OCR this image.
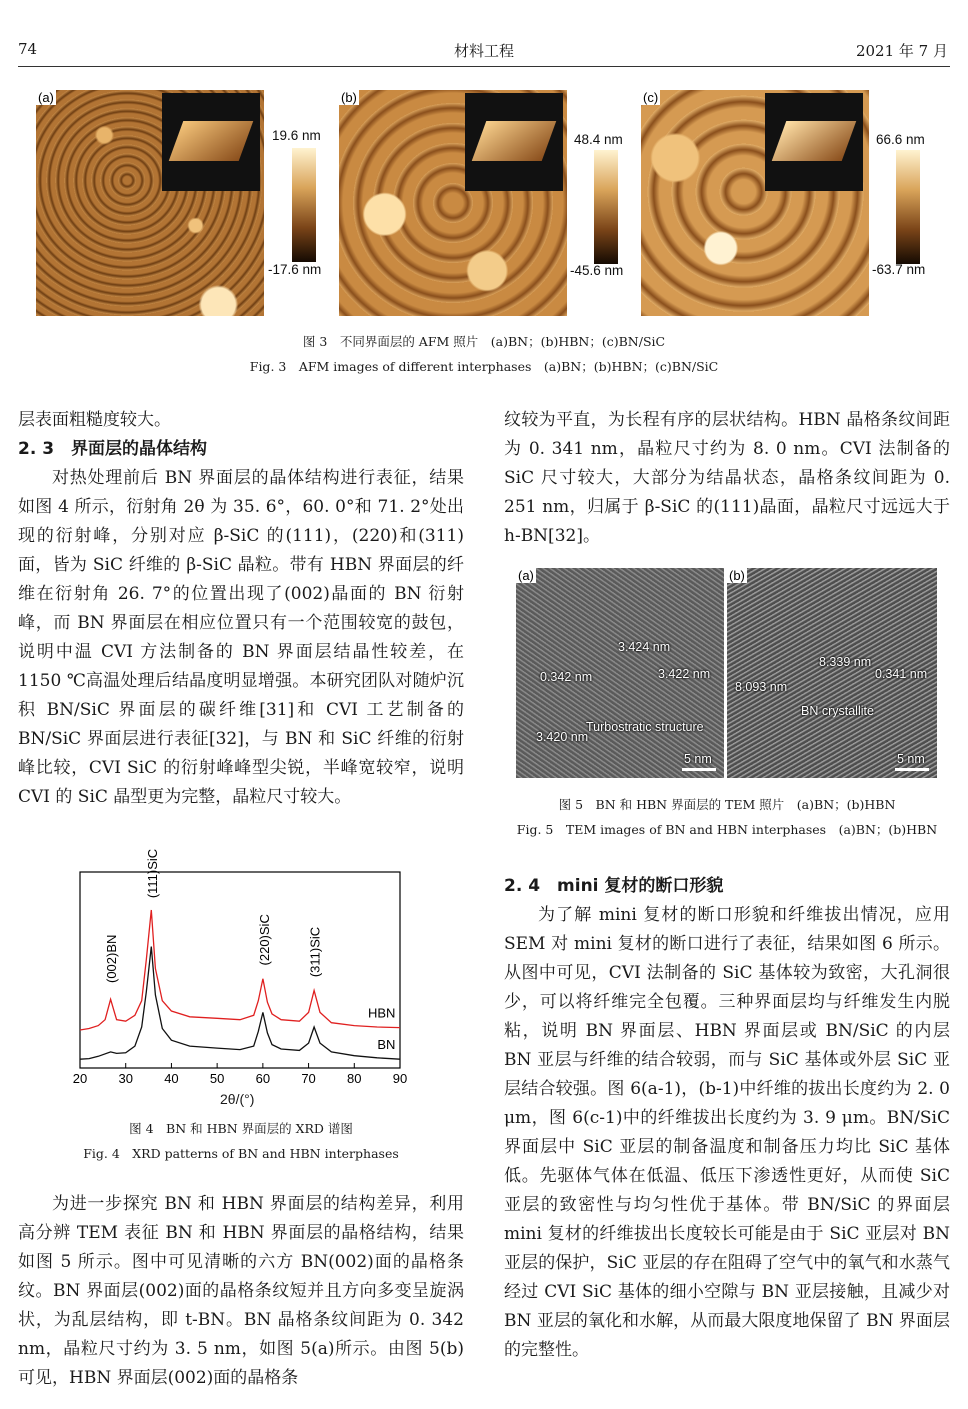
74	材料工程	2021 年 7 月
(a)
19.6 nm
-17.6 nm
(b)
48.4 nm
-45.6 nm
(c)
66.6 nm
-63.7 nm
图 3　不同界面层的 AFM 照片　(a)BN；(b)HBN；(c)BN/SiC
Fig. 3　AFM images of different interphases　(a)BN；(b)HBN；(c)BN/SiC

层表面粗糙度较大。

2. 3　界面层的晶体结构

对热处理前后 BN 界面层的晶体结构进行表征，结果如图 4 所示，衍射角 2θ 为 35. 6°，60. 0°和 71. 2°处出现的衍射峰，分别对应 β-SiC 的(111)，(220)和(311)面，皆为 SiC 纤维的 β-SiC 晶粒。带有 HBN 界面层的纤维在衍射角 26. 7°的位置出现了(002)晶面的 BN 衍射峰，而 BN 界面层在相应位置只有一个范围较宽的鼓包，说明中温 CVI 方法制备的 BN 界面层结晶性较差，在 1150 ℃高温处理后结晶度明显增强。本研究团队对随炉沉积 BN/SiC 界面层的碳纤维[31]和 CVI 工艺制备的 BN/SiC 界面层进行表征[32]，与 BN 和 SiC 纤维的衍射峰比较，CVI SiC 的衍射峰峰型尖锐，半峰宽较窄，说明 CVI 的 SiC 晶型更为完整，晶粒尺寸较大。

20 30 40 50 60 70 80 90
HBN
BN
(002)BN
(111)SiC
(220)SiC	(311)SiC
2θ/(°)
图 4　BN 和 HBN 界面层的 XRD 谱图
Fig. 4　XRD patterns of BN and HBN interphases

为进一步探究 BN 和 HBN 界面层的结构差异，利用高分辨 TEM 表征 BN 和 HBN 界面层的晶格结构，结果如图 5 所示。图中可见清晰的六方 BN(002)面的晶格条纹。BN 界面层(002)面的晶格条纹短并且方向多变呈旋涡状，为乱层结构，即 t-BN。BN 晶格条纹间距为 0. 342 nm，晶粒尺寸约为 3. 5 nm，如图 5(a)所示。由图 5(b)可见，HBN 界面层(002)面的晶格条

纹较为平直，为长程有序的层状结构。HBN 晶格条纹间距为 0. 341 nm，晶粒尺寸约为 8. 0 nm。CVI 法制备的 SiC 尺寸较大，大部分为结晶状态，晶格条纹间距为 0. 251 nm，归属于 β-SiC 的(111)晶面，晶粒尺寸远远大于 h-BN[32]。

(a)
3.424 nm
0.342 nm	3.422 nm
Turbostratic structure
3.420 nm
5 nm
(b)
8.339 nm
0.341 nm
8.093 nm
BN crystallite
5 nm
图 5　BN 和 HBN 界面层的 TEM 照片　(a)BN；(b)HBN
Fig. 5　TEM images of BN and HBN interphases　(a)BN；(b)HBN

2. 4　mini 复材的断口形貌

为了解 mini 复材的断口形貌和纤维拔出情况，应用 SEM 对 mini 复材的断口进行了表征，结果如图 6 所示。从图中可见，CVI 法制备的 SiC 基体较为致密，大孔洞很少，可以将纤维完全包覆。三种界面层均与纤维发生内脱粘，说明 BN 界面层、HBN 界面层或 BN/SiC 的内层 BN 亚层与纤维的结合较弱，而与 SiC 基体或外层 SiC 亚层结合较强。图 6(a-1)，(b-1)中纤维的拔出长度约为 2. 0 μm，图 6(c-1)中的纤维拔出长度约为 3. 9 μm。BN/SiC 界面层中 SiC 亚层的制备温度和制备压力均比 SiC 基体低。先驱体气体在低温、低压下渗透性更好，从而使 SiC 亚层的致密性与均匀性优于基体。带 BN/SiC 的界面层 mini 复材的纤维拔出长度较长可能是由于 SiC 亚层对 BN 亚层的保护，SiC 亚层的存在阻碍了空气中的氧气和水蒸气经过 CVI SiC 基体的细小空隙与 BN 亚层接触，且减少对 BN 亚层的氧化和水解，从而最大限度地保留了 BN 界面层的完整性。
